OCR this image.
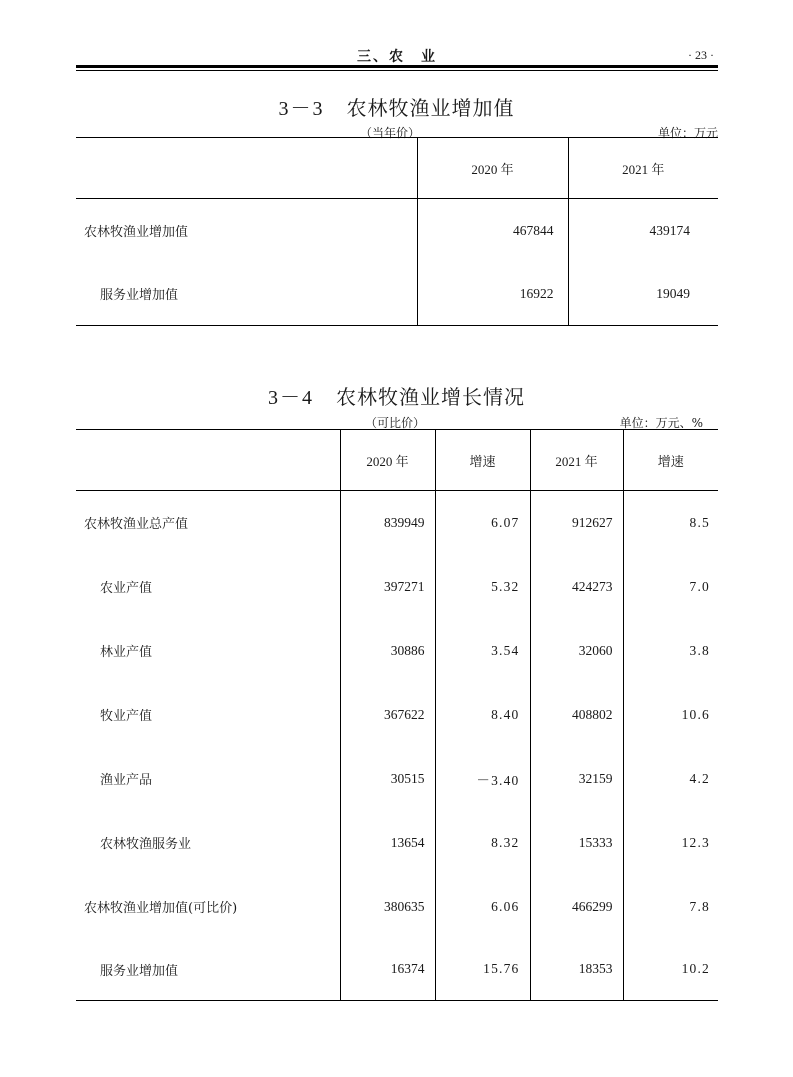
三、农　业	· 23 ·
3－3 农林牧渔业增加值
（当年价）	单位：万元
	2020 年	2021 年
农林牧渔业增加值	467844	439174
服务业增加值	16922	19049
3－4 农林牧渔业增长情况
（可比价）	单位：万元、%
	2020 年	增速	2021 年	增速
农林牧渔业总产值	839949	6.07	912627	8.5
农业产值	397271	5.32	424273	7.0
林业产值	30886	3.54	32060	3.8
牧业产值	367622	8.40	408802	10.6
渔业产品	30515	－3.40	32159	4.2
农林牧渔服务业	13654	8.32	15333	12.3
农林牧渔业增加值(可比价)	380635	6.06	466299	7.8
服务业增加值	16374	15.76	18353	10.2
